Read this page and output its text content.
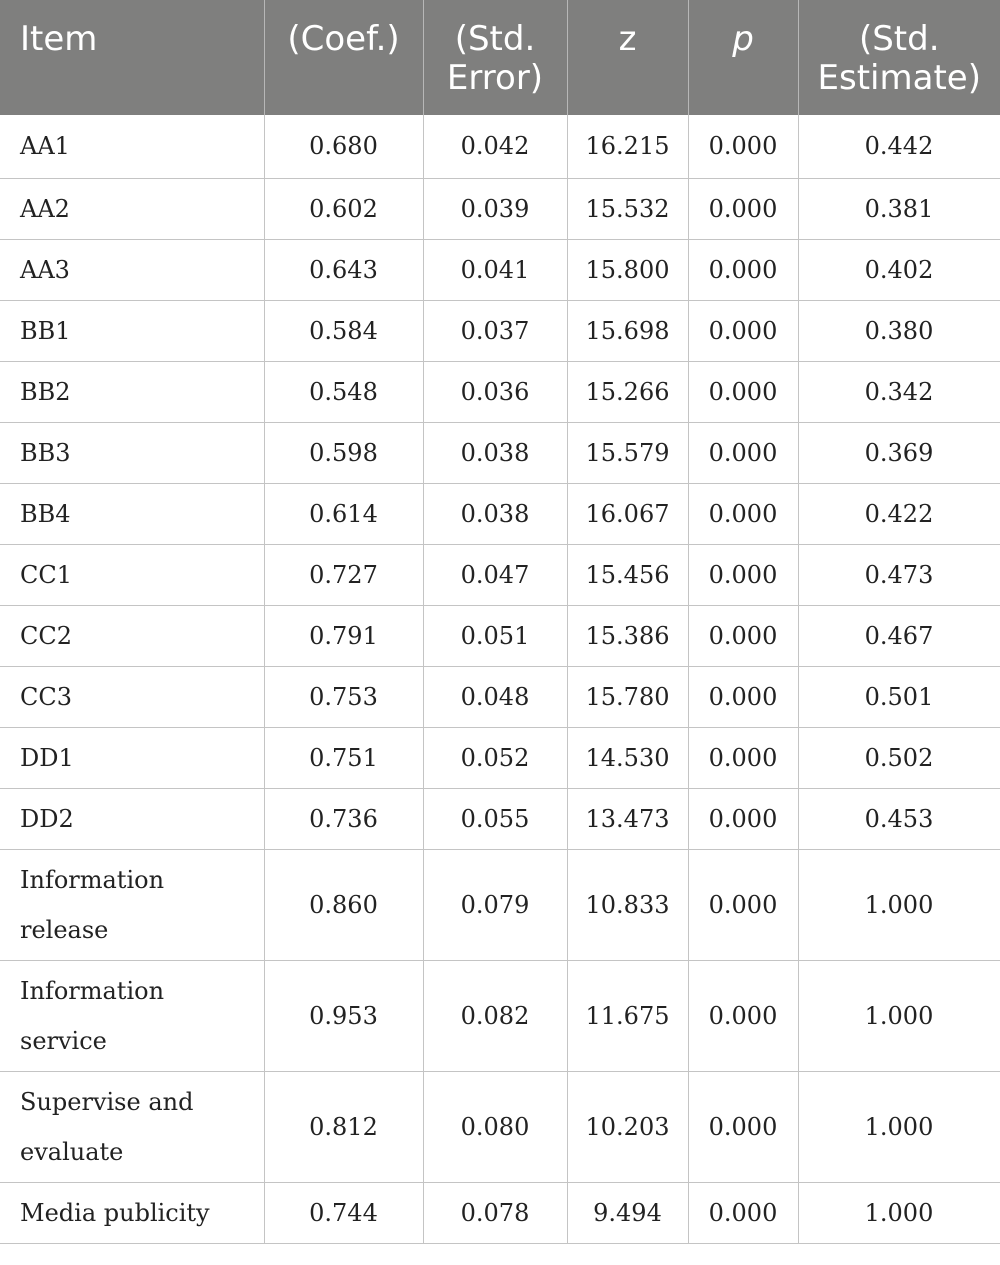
Item	(Coef.)	(Std. Error)	z	p	(Std. Estimate)

AA1	0.680	0.042	16.215	0.000	0.442
AA2	0.602	0.039	15.532	0.000	0.381
AA3	0.643	0.041	15.800	0.000	0.402
BB1	0.584	0.037	15.698	0.000	0.380
BB2	0.548	0.036	15.266	0.000	0.342
BB3	0.598	0.038	15.579	0.000	0.369
BB4	0.614	0.038	16.067	0.000	0.422
CC1	0.727	0.047	15.456	0.000	0.473
CC2	0.791	0.051	15.386	0.000	0.467
CC3	0.753	0.048	15.780	0.000	0.501
DD1	0.751	0.052	14.530	0.000	0.502
DD2	0.736	0.055	13.473	0.000	0.453
Information release	0.860	0.079	10.833	0.000	1.000
Information service	0.953	0.082	11.675	0.000	1.000
Supervise and evaluate	0.812	0.080	10.203	0.000	1.000
Media publicity	0.744	0.078	9.494	0.000	1.000
